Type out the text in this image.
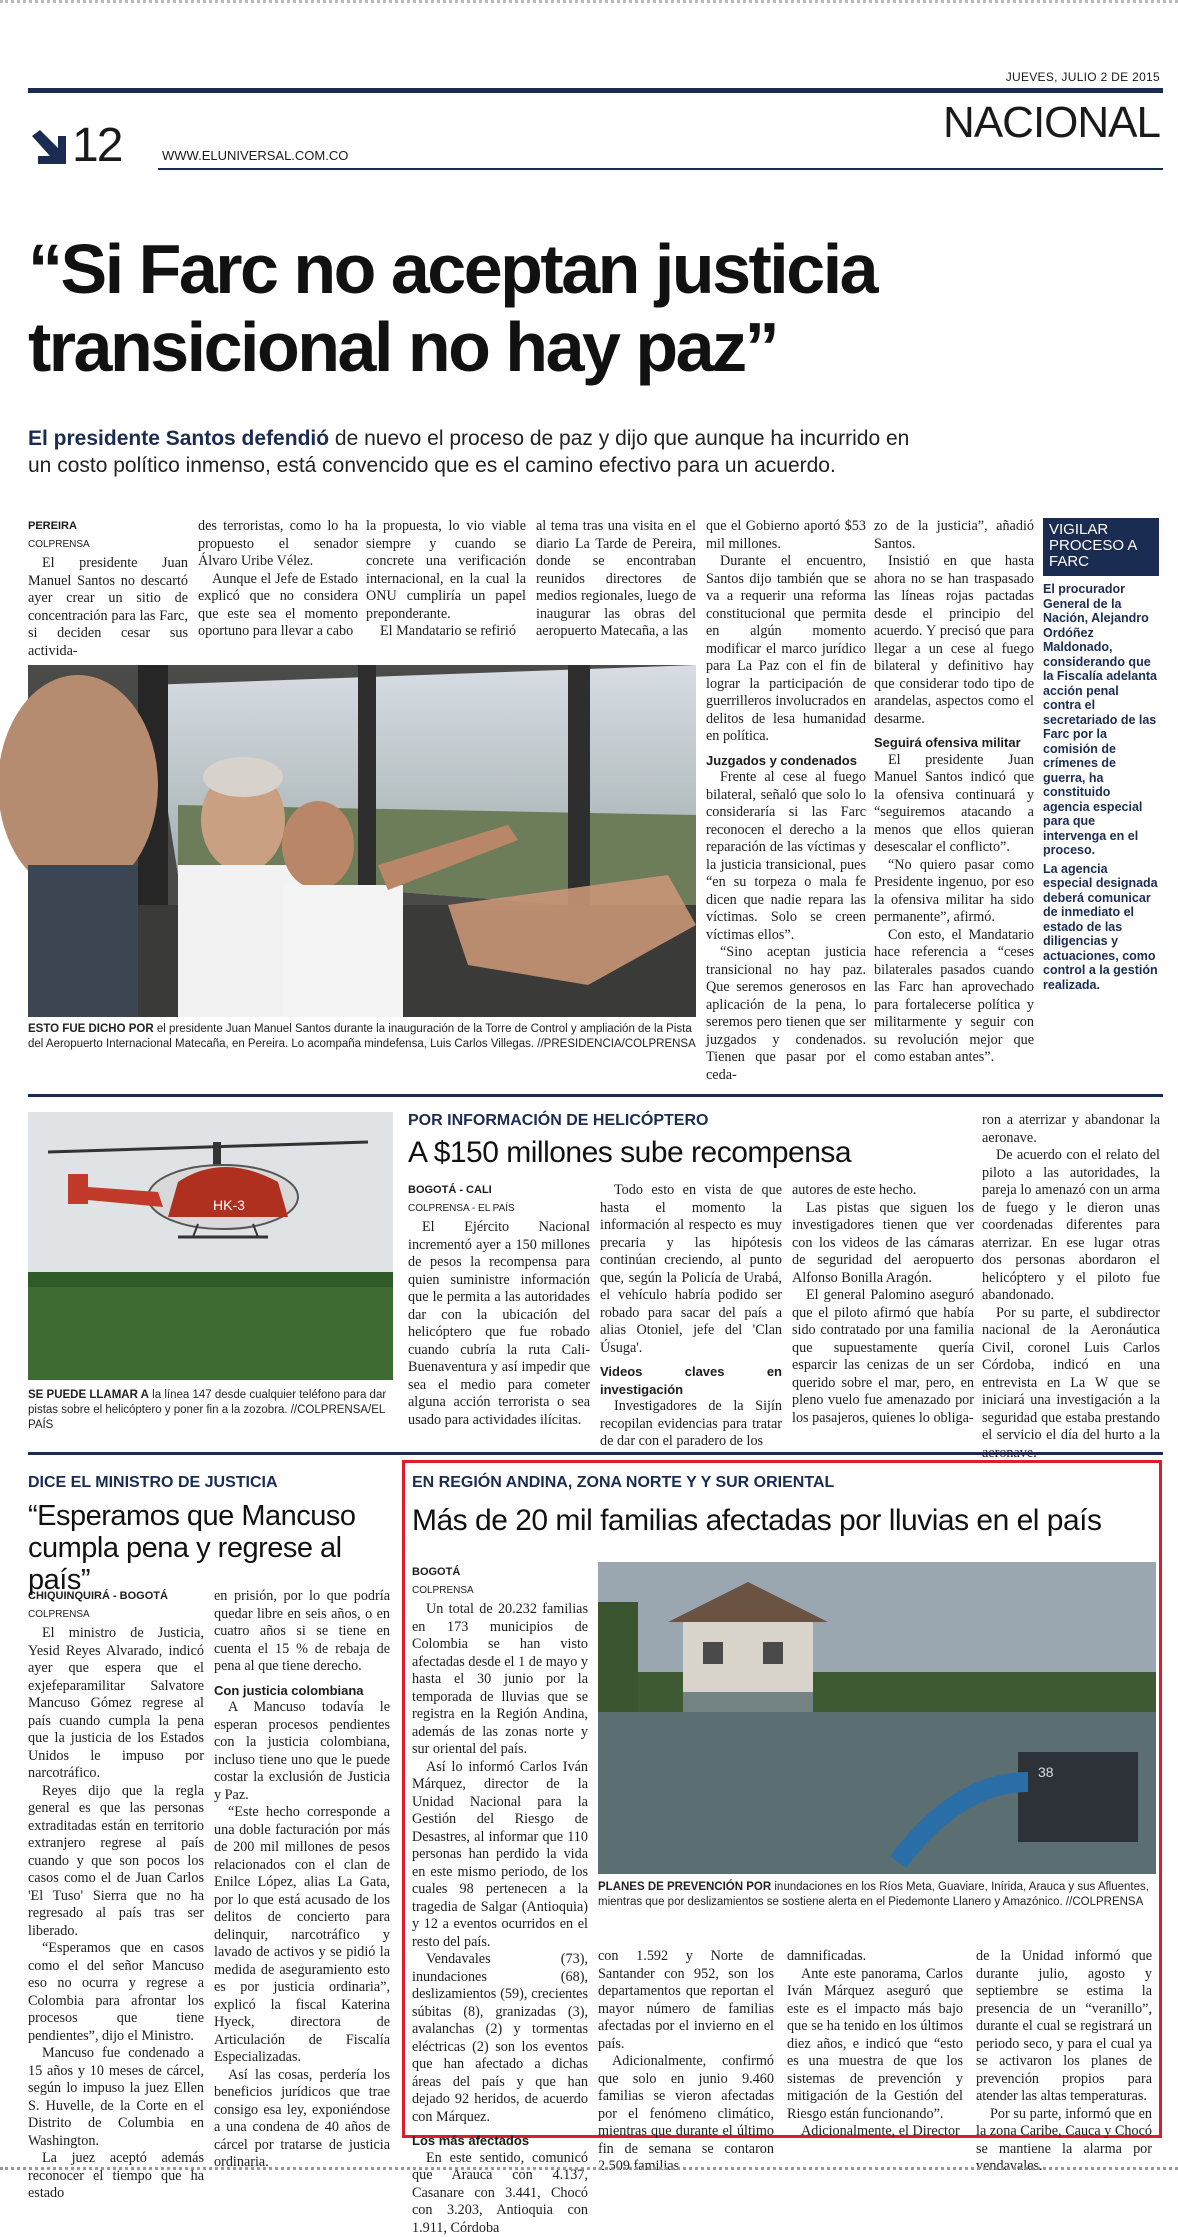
JUEVES, JULIO 2 DE 2015
NACIONAL
12	WWW.ELUNIVERSAL.COM.CO
“Si Farc no aceptan justicia transicional no hay paz”
El presidente Santos defendió de nuevo el proceso de paz y dijo que aunque ha incurrido en un costo político inmenso, está convencido que es el camino efectivo para un acuerdo.
PEREIRA
COLPRENSA

El presidente Juan Manuel Santos no descartó ayer crear un sitio de concentración para las Farc, si deciden cesar sus activida-

des terroristas, como lo ha propuesto el senador Álvaro Uribe Vélez.

Aunque el Jefe de Estado explicó que no considera que este sea el momento oportuno para llevar a cabo

la propuesta, lo vio viable siempre y cuando se concrete una verificación internacional, en la cual la ONU cumpliría un papel preponderante.

El Mandatario se refirió

al tema tras una visita en el diario La Tarde de Pereira, donde se encontraban reunidos directores de medios regionales, luego de inaugurar las obras del aeropuerto Matecaña, a las

ESTO FUE DICHO POR el presidente Juan Manuel Santos durante la inauguración de la Torre de Control y ampliación de la Pista del Aeropuerto Internacional Matecaña, en Pereira. Lo acompaña mindefensa, Luis Carlos Villegas. //PRESIDENCIA/COLPRENSA

que el Gobierno aportó $53 mil millones.

Durante el encuentro, Santos dijo también que se va a requerir una reforma constitucional que permita en algún momento modificar el marco jurídico para La Paz con el fin de lograr la participación de guerrilleros involucrados en delitos de lesa humanidad en política.

Juzgados y condenados

Frente al cese al fuego bilateral, señaló que solo lo consideraría si las Farc reconocen el derecho a la reparación de las víctimas y la justicia transicional, pues “en su torpeza o mala fe dicen que nadie repara las víctimas. Solo se creen víctimas ellos”.

“Sino aceptan justicia transicional no hay paz. Que seremos generosos en aplicación de la pena, lo seremos pero tienen que ser juzgados y condenados. Tienen que pasar por el ceda-

zo de la justicia”, añadió Santos.

Insistió en que hasta ahora no se han traspasado las líneas rojas pactadas desde el principio del acuerdo. Y precisó que para llegar a un cese al fuego bilateral y definitivo hay que considerar todo tipo de arandelas, aspectos como el desarme.

Seguirá ofensiva militar

El presidente Juan Manuel Santos indicó que la ofensiva continuará y “seguiremos atacando a menos que ellos quieran desescalar el conflicto”.

“No quiero pasar como Presidente ingenuo, por eso la ofensiva militar ha sido permanente”, afirmó.

Con esto, el Mandatario hace referencia a “ceses bilaterales pasados cuando las Farc han aprovechado para fortalecerse política y militarmente y seguir con su revolución mejor que como estaban antes”.

VIGILAR PROCESO A FARC
El procurador General de la Nación, Alejandro Ordóñez Maldonado, considerando que la Fiscalía adelanta acción penal contra el secretariado de las Farc por la comisión de crímenes de guerra, ha constituido agencia especial para que intervenga en el proceso.
La agencia especial designada deberá comunicar de inmediato el estado de las diligencias y actuaciones, como control a la gestión realizada.
HK-3
SE PUEDE LLAMAR A la línea 147 desde cualquier teléfono para dar pistas sobre el helicóptero y poner fin a la zozobra. //COLPRENSA/EL PAÍS
POR INFORMACIÓN DE HELICÓPTERO
A $150 millones sube recompensa
BOGOTÁ - CALI
COLPRENSA - EL PAÍS

El Ejército Nacional incrementó ayer a 150 millones de pesos la recompensa para quien suministre información que le permita a las autoridades dar con la ubicación del helicóptero que fue robado cuando cubría la ruta Cali-Buenaventura y así impedir que sea el medio para cometer alguna acción terrorista o sea usado para actividades ilícitas.

Todo esto en vista de que hasta el momento la información al respecto es muy precaria y las hipótesis continúan creciendo, al punto que, según la Policía de Urabá, el vehículo habría podido ser robado para sacar del país a alias Otoniel, jefe del 'Clan Úsuga'.

Videos claves en investigación

Investigadores de la Sijín recopilan evidencias para tratar de dar con el paradero de los

autores de este hecho.

Las pistas que siguen los investigadores tienen que ver con los videos de las cámaras de seguridad del aeropuerto Alfonso Bonilla Aragón.

El general Palomino aseguró que el piloto afirmó que había sido contratado por una familia que supuestamente quería esparcir las cenizas de un ser querido sobre el mar, pero, en pleno vuelo fue amenazado por los pasajeros, quienes lo obliga-

ron a aterrizar y abandonar la aeronave.

De acuerdo con el relato del piloto a las autoridades, la pareja lo amenazó con un arma de fuego y le dieron unas coordenadas diferentes para aterrizar. En ese lugar otras dos personas abordaron el helicóptero y el piloto fue abandonado.

Por su parte, el subdirector nacional de la Aeronáutica Civil, coronel Luis Carlos Córdoba, indicó en una entrevista en La W que se iniciará una investigación a la seguridad que estaba prestando el servicio el día del hurto a la

DICE EL MINISTRO DE JUSTICIA
“Esperamos que Mancuso cumpla pena y regrese al país”
CHIQUINQUIRÁ - BOGOTÁ
COLPRENSA

El ministro de Justicia, Yesid Reyes Alvarado, indicó ayer que espera que el exjefeparamilitar Salvatore Mancuso Gómez regrese al país cuando cumpla la pena que la justicia de los Estados Unidos le impuso por narcotráfico.

Reyes dijo que la regla general es que las personas extraditadas están en territorio extranjero regrese al país cuando y que son pocos los casos como el de Juan Carlos 'El Tuso' Sierra que no ha regresado al país tras ser liberado.

“Esperamos que en casos como el del señor Mancuso eso no ocurra y regrese a Colombia para afrontar los procesos que tiene pendientes”, dijo el Ministro.

Mancuso fue condenado a 15 años y 10 meses de cárcel, según lo impuso la juez Ellen S. Huvelle, de la Corte en el Distrito de Columbia en Washington.

La juez aceptó además reconocer el tiempo que ha estado

en prisión, por lo que podría quedar libre en seis años, o en cuatro años si se tiene en cuenta el 15 % de rebaja de pena al que tiene derecho.

Con justicia colombiana

A Mancuso todavía le esperan procesos pendientes con la justicia colombiana, incluso tiene uno que le puede costar la exclusión de Justicia y Paz.

“Este hecho corresponde a una doble facturación por más de 200 mil millones de pesos relacionados con el clan de Enilce López, alias La Gata, por lo que está acusado de los delitos de concierto para delinquir, narcotráfico y lavado de activos y se pidió la medida de aseguramiento esto es por justicia ordinaria”, explicó la fiscal Katerina Hyeck, directora de Articulación de Fiscalía Especializadas.

Así las cosas, perdería los beneficios jurídicos que trae consigo esa ley, exponiéndose a una condena de 40 años de cárcel por tratarse de justicia ordinaria.

EN REGIÓN ANDINA, ZONA NORTE Y Y SUR ORIENTAL
Más de 20 mil familias afectadas por lluvias en el país
BOGOTÁ
COLPRENSA

Un total de 20.232 familias en 173 municipios de Colombia se han visto afectadas desde el 1 de mayo y hasta el 30 junio por la temporada de lluvias que se registra en la Región Andina, además de las zonas norte y sur oriental del país.

Así lo informó Carlos Iván Márquez, director de la Unidad Nacional para la Gestión del Riesgo de Desastres, al informar que 110 personas han perdido la vida en este mismo periodo, de los cuales 98 pertenecen a la tragedia de Salgar (Antioquia) y 12 a eventos ocurridos en el resto del país.

Vendavales (73), inundaciones (68), deslizamientos (59), crecientes súbitas (8), granizadas (3), avalanchas (2) y tormentas eléctricas (2) son los eventos que han afectado a dichas áreas del país y que han dejado 92 heridos, de acuerdo con Márquez.

Los más afectados

En este sentido, comunicó que Arauca con 4.137, Casanare con 3.441, Chocó con 3.203, Antioquia con 1.911, Córdoba

38
PLANES DE PREVENCIÓN POR inundaciones en los Ríos Meta, Guaviare, Inírida, Arauca y sus Afluentes, mientras que por deslizamientos se sostiene alerta en el Piedemonte Llanero y Amazónico. //COLPRENSA

con 1.592 y Norte de Santander con 952, son los departamentos que reportan el mayor número de familias afectadas por el invierno en el país.

Adicionalmente, confirmó que solo en junio 9.460 familias se vieron afectadas por el fenómeno climático, mientras que durante el último fin de semana se contaron 2.509 familias

damnificadas.

Ante este panorama, Carlos Iván Márquez aseguró que este es el impacto más bajo que se ha tenido en los últimos diez años, e indicó que “esto es una muestra de que los sistemas de prevención y mitigación de la Gestión del Riesgo están funcionando”.

Adicionalmente, el Director

de la Unidad informó que durante julio, agosto y septiembre se estima la presencia de un “veranillo”, durante el cual se registrará un periodo seco, y para el cual ya se activaron los planes de prevención propios para atender las altas temperaturas.

Por su parte, informó que en la zona Caribe, Cauca y Chocó se mantiene la alarma por vendavales.
